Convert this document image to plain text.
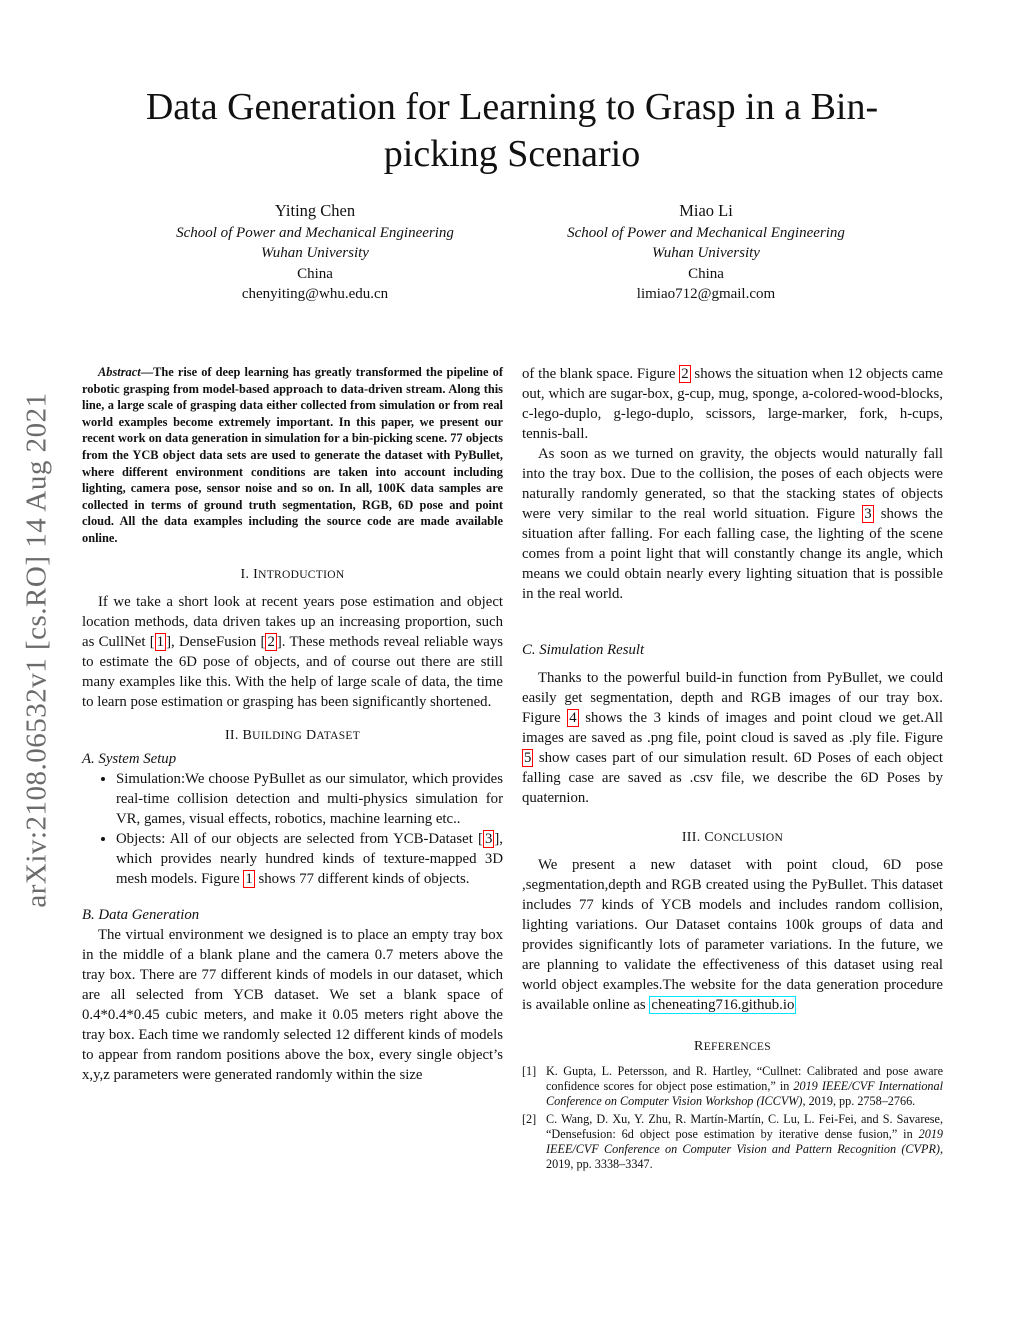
arXiv:2108.06532v1 [cs.RO] 14 Aug 2021
Data Generation for Learning to Grasp in a Bin-picking Scenario
Yiting Chen
School of Power and Mechanical Engineering
Wuhan University
China
chenyiting@whu.edu.cn
Miao Li
School of Power and Mechanical Engineering
Wuhan University
China
limiao712@gmail.com

Abstract—The rise of deep learning has greatly transformed the pipeline of robotic grasping from model-based approach to data-driven stream. Along this line, a large scale of grasping data either collected from simulation or from real world examples become extremely important. In this paper, we present our recent work on data generation in simulation for a bin-picking scene. 77 objects from the YCB object data sets are used to generate the dataset with PyBullet, where different environment conditions are taken into account including lighting, camera pose, sensor noise and so on. In all, 100K data samples are collected in terms of ground truth segmentation, RGB, 6D pose and point cloud. All the data examples including the source code are made available online.

I. INTRODUCTION

If we take a short look at recent years pose estimation and object location methods, data driven takes up an increasing proportion, such as CullNet [ 1 ], DenseFusion [ 2 ]. These methods reveal reliable ways to estimate the 6D pose of objects, and of course out there are still many examples like this. With the help of large scale of data, the time to learn pose estimation or grasping has been significantly shortened.

II. BUILDING DATASET

A. System Setup

• Simulation:We choose PyBullet as our simulator, which provides real-time collision detection and multi-physics simulation for VR, games, visual effects, robotics, machine learning etc..
• Objects: All of our objects are selected from YCB-Dataset [ 3 ], which provides nearly hundred kinds of texture-mapped 3D mesh models. Figure 1 shows 77 different kinds of objects.

B. Data Generation

The virtual environment we designed is to place an empty tray box in the middle of a blank plane and the camera 0.7 meters above the tray box. There are 77 different kinds of models in our dataset, which are all selected from YCB dataset. We set a blank space of 0.4*0.4*0.45 cubic meters, and make it 0.05 meters right above the tray box. Each time we randomly selected 12 different kinds of models to appear from random positions above the box, every single object’s x,y,z parameters were generated randomly within the size

of the blank space. Figure 2 shows the situation when 12 objects came out, which are sugar-box, g-cup, mug, sponge, a-colored-wood-blocks, c-lego-duplo, g-lego-duplo, scissors, large-marker, fork, h-cups, tennis-ball.

As soon as we turned on gravity, the objects would naturally fall into the tray box. Due to the collision, the poses of each objects were naturally randomly generated, so that the stacking states of objects were very similar to the real world situation. Figure 3 shows the situation after falling. For each falling case, the lighting of the scene comes from a point light that will constantly change its angle, which means we could obtain nearly every lighting situation that is possible in the real world.

C. Simulation Result

Thanks to the powerful build-in function from PyBullet, we could easily get segmentation, depth and RGB images of our tray box. Figure 4 shows the 3 kinds of images and point cloud we get.All images are saved as .png file, point cloud is saved as .ply file. Figure 5 show cases part of our simulation result. 6D Poses of each object falling case are saved as .csv file, we describe the 6D Poses by quaternion.

III. CONCLUSION

We present a new dataset with point cloud, 6D pose ,segmentation,depth and RGB created using the PyBullet. This dataset includes 77 kinds of YCB models and includes random collision, lighting variations. Our Dataset contains 100k groups of data and provides significantly lots of parameter variations. In the future, we are planning to validate the effectiveness of this dataset using real world object examples.The website for the data generation procedure is available online as cheneating716.github.io

REFERENCES
[1] K. Gupta, L. Petersson, and R. Hartley, “Cullnet: Calibrated and pose aware confidence scores for object pose estimation,” in 2019 IEEE/CVF International Conference on Computer Vision Workshop (ICCVW), 2019, pp. 2758–2766.
[2] C. Wang, D. Xu, Y. Zhu, R. Martín-Martín, C. Lu, L. Fei-Fei, and S. Savarese, “Densefusion: 6d object pose estimation by iterative dense fusion,” in 2019 IEEE/CVF Conference on Computer Vision and Pattern Recognition (CVPR), 2019, pp. 3338–3347.
